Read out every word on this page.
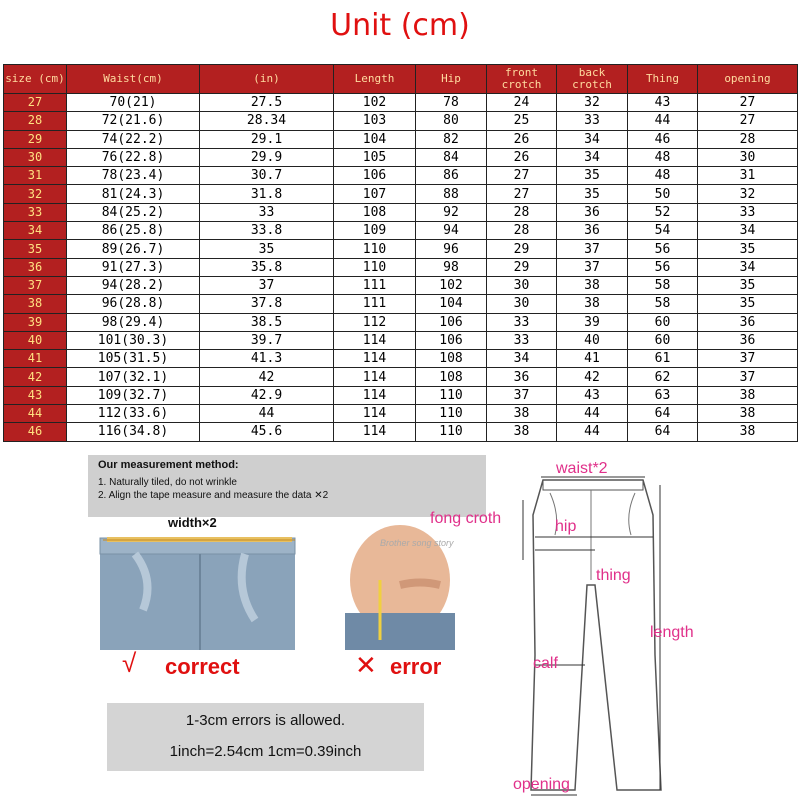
Unit (cm)
size (cm)	Waist(cm)	(in)	Length	Hip	front crotch	back crotch	Thing	opening
27	70(21)	27.5	102	78	24	32	43	27
28	72(21.6)	28.34	103	80	25	33	44	27
29	74(22.2)	29.1	104	82	26	34	46	28
30	76(22.8)	29.9	105	84	26	34	48	30
31	78(23.4)	30.7	106	86	27	35	48	31
32	81(24.3)	31.8	107	88	27	35	50	32
33	84(25.2)	33	108	92	28	36	52	33
34	86(25.8)	33.8	109	94	28	36	54	34
35	89(26.7)	35	110	96	29	37	56	35
36	91(27.3)	35.8	110	98	29	37	56	34
37	94(28.2)	37	111	102	30	38	58	35
38	96(28.8)	37.8	111	104	30	38	58	35
39	98(29.4)	38.5	112	106	33	39	60	36
40	101(30.3)	39.7	114	106	33	40	60	36
41	105(31.5)	41.3	114	108	34	41	61	37
42	107(32.1)	42	114	108	36	42	62	37
43	109(32.7)	42.9	114	110	37	43	63	38
44	112(33.6)	44	114	110	38	44	64	38
46	116(34.8)	45.6	114	110	38	44	64	38
Our measurement method:
1. Naturally tiled, do not wrinkle
2. Align the tape measure and measure the data ✕2
width×2
Brother song story
√ correct	✕ error
1-3cm errors is allowed.
1inch=2.54cm 1cm=0.39inch
waist*2
fong croth	hip
thing
length
calf
opening
